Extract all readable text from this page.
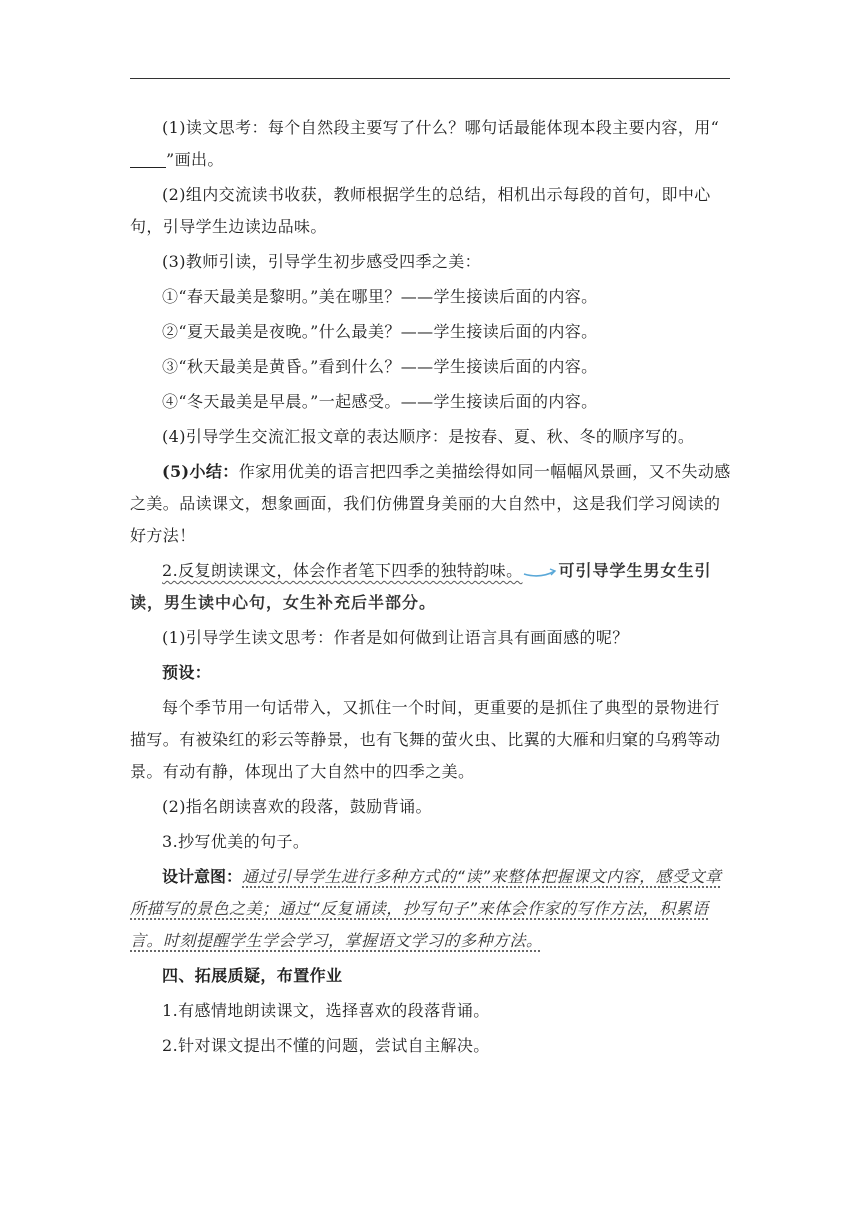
(1)读文思考：每个自然段主要写了什么？哪句话最能体现本段主要内容，用“”画出。

(2)组内交流读书收获，教师根据学生的总结，相机出示每段的首句，即中心句，引导学生边读边品味。

(3)教师引读，引导学生初步感受四季之美：

①“春天最美是黎明。”美在哪里？——学生接读后面的内容。

②“夏天最美是夜晚。”什么最美？——学生接读后面的内容。

③“秋天最美是黄昏。”看到什么？——学生接读后面的内容。

④“冬天最美是早晨。”一起感受。——学生接读后面的内容。

(4)引导学生交流汇报文章的表达顺序：是按春、夏、秋、冬的顺序写的。

(5)小结：作家用优美的语言把四季之美描绘得如同一幅幅风景画，又不失动感之美。品读课文，想象画面，我们仿佛置身美丽的大自然中，这是我们学习阅读的好方法！

2.反复朗读课文，体会作者笔下四季的独特韵味。 可引导学生男女生引读，男生读中心句，女生补充后半部分。

(1)引导学生读文思考：作者是如何做到让语言具有画面感的呢？

预设：

每个季节用一句话带入，又抓住一个时间，更重要的是抓住了典型的景物进行描写。有被染红的彩云等静景，也有飞舞的萤火虫、比翼的大雁和归窠的乌鸦等动景。有动有静，体现出了大自然中的四季之美。

(2)指名朗读喜欢的段落，鼓励背诵。

3.抄写优美的句子。

设计意图：通过引导学生进行多种方式的“读”来整体把握课文内容，感受文章所描写的景色之美；通过“反复诵读，抄写句子”来体会作家的写作方法，积累语言。时刻提醒学生学会学习，掌握语文学习的多种方法。

四、拓展质疑，布置作业

1.有感情地朗读课文，选择喜欢的段落背诵。

2.针对课文提出不懂的问题，尝试自主解决。
